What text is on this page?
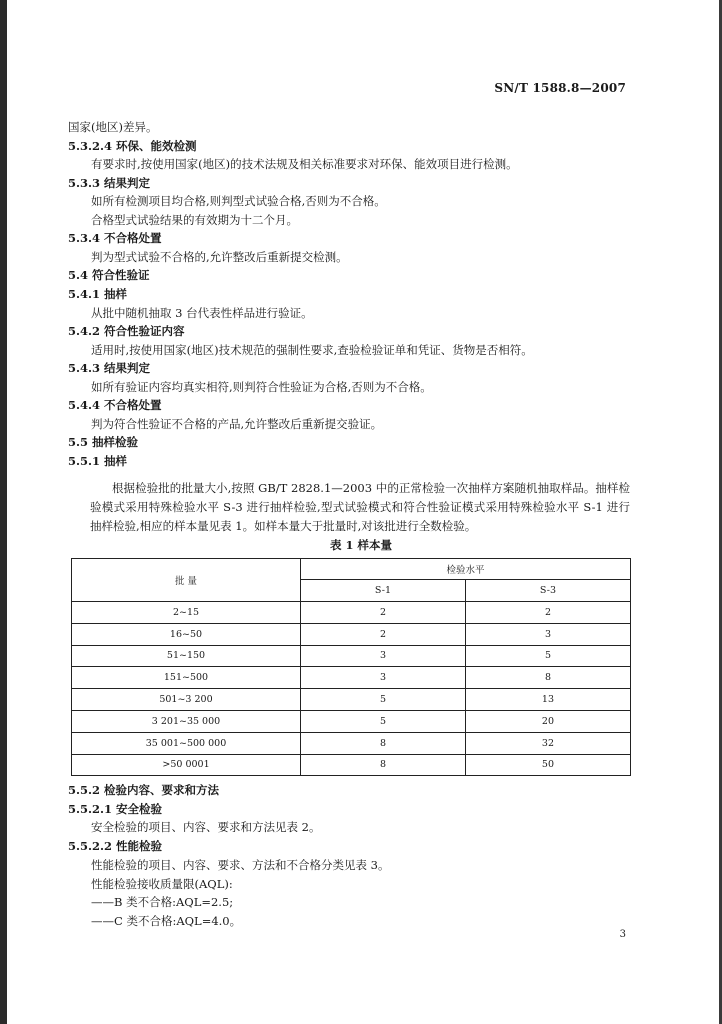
SN/T 1588.8—2007
国家(地区)差异。
5.3.2.4 环保、能效检测
有要求时,按使用国家(地区)的技术法规及相关标准要求对环保、能效项目进行检测。
5.3.3 结果判定
如所有检测项目均合格,则判型式试验合格,否则为不合格。
合格型式试验结果的有效期为十二个月。
5.3.4 不合格处置
判为型式试验不合格的,允许整改后重新提交检测。
5.4 符合性验证
5.4.1 抽样
从批中随机抽取 3 台代表性样品进行验证。
5.4.2 符合性验证内容
适用时,按使用国家(地区)技术规范的强制性要求,查验检验证单和凭证、货物是否相符。
5.4.3 结果判定
如所有验证内容均真实相符,则判符合性验证为合格,否则为不合格。
5.4.4 不合格处置
判为符合性验证不合格的产品,允许整改后重新提交验证。
5.5 抽样检验
5.5.1 抽样
根据检验批的批量大小,按照 GB/T 2828.1—2003 中的正常检验一次抽样方案随机抽取样品。抽样检验模式采用特殊检验水平 S-3 进行抽样检验,型式试验模式和符合性验证模式采用特殊检验水平 S-1 进行抽样检验,相应的样本量见表 1。如样本量大于批量时,对该批进行全数检验。
表 1 样本量
批 量	检验水平	
	S-1	S-3
2~15	2	2
16~50	2	3
51~150	3	5
151~500	3	8
501~3 200	5	13
3 201~35 000	5	20
35 001~500 000	8	32
>50 0001	8	50
5.5.2 检验内容、要求和方法
5.5.2.1 安全检验
安全检验的项目、内容、要求和方法见表 2。
5.5.2.2 性能检验
性能检验的项目、内容、要求、方法和不合格分类见表 3。
性能检验接收质量限(AQL):
——B 类不合格:AQL=2.5;
——C 类不合格:AQL=4.0。
3
